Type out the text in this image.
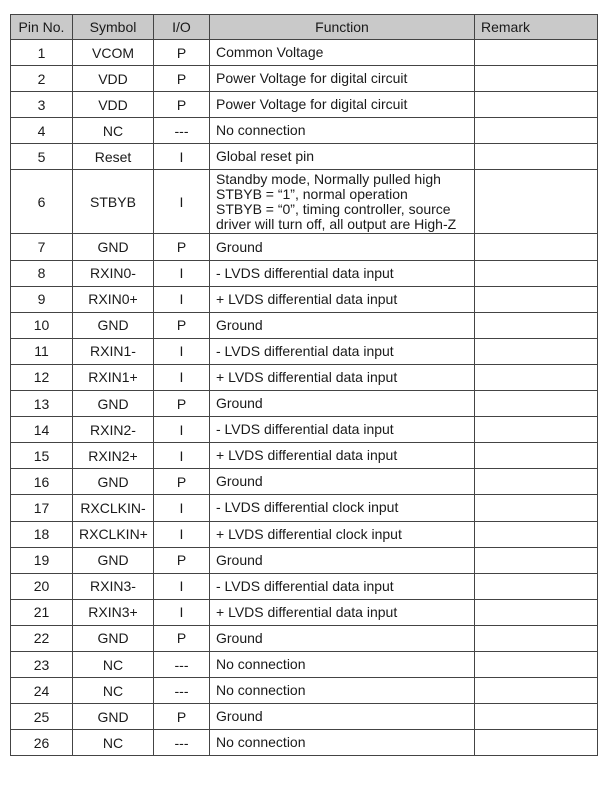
Pin No.	Symbol	I/O	Function	Remark
1	VCOM	P	Common Voltage	
2	VDD	P	Power Voltage for digital circuit	
3	VDD	P	Power Voltage for digital circuit	
4	NC	---	No connection	
5	Reset	I	Global reset pin	
6	STBYB	I	Standby mode, Normally pulled high
STBYB = “1”, normal operation
STBYB = “0”, timing controller, source
driver will turn off, all output are High-Z	
7	GND	P	Ground	
8	RXIN0-	I	- LVDS differential data input	
9	RXIN0+	I	+ LVDS differential data input	
10	GND	P	Ground	
11	RXIN1-	I	- LVDS differential data input	
12	RXIN1+	I	+ LVDS differential data input	
13	GND	P	Ground	
14	RXIN2-	I	- LVDS differential data input	
15	RXIN2+	I	+ LVDS differential data input	
16	GND	P	Ground	
17	RXCLKIN-	I	- LVDS differential clock input	
18	RXCLKIN+	I	+ LVDS differential clock input	
19	GND	P	Ground	
20	RXIN3-	I	- LVDS differential data input	
21	RXIN3+	I	+ LVDS differential data input	
22	GND	P	Ground	
23	NC	---	No connection	
24	NC	---	No connection	
25	GND	P	Ground	
26	NC	---	No connection	
